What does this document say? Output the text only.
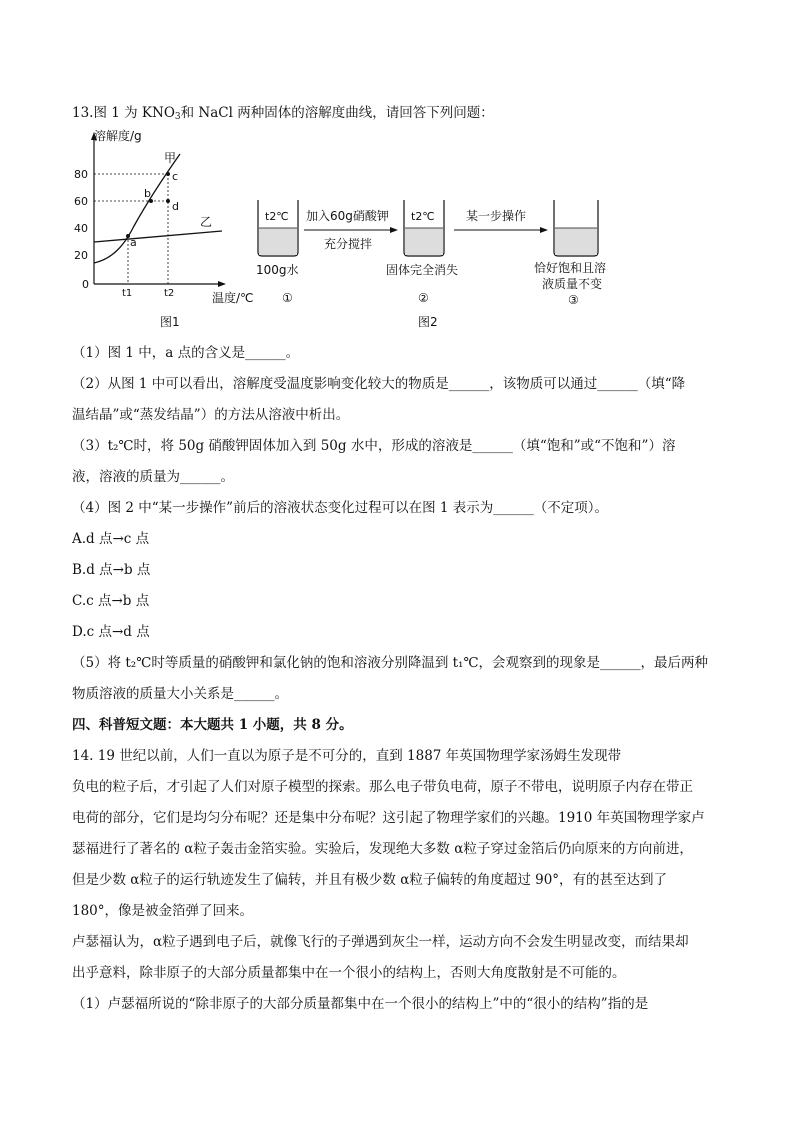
13.图 1 为 $KNO_3$和 NaCl 两种固体的溶解度曲线，请回答下列问题：
溶解度/g
温度/℃
80
60
40
20
0
甲
乙
a
b
c
d
t1	t2
图1
t2℃
100g水
①
加入60g硝酸钾
充分搅拌
t2℃
固体完全消失
②
图2
某一步操作
恰好饱和且溶
液质量不变
③
（1）图 1 中，a 点的含义是______。
（2）从图 1 中可以看出，溶解度受温度影响变化较大的物质是______，该物质可以通过______（填“降
温结晶”或“蒸发结晶”）的方法从溶液中析出。
（3）t₂℃时，将 50g 硝酸钾固体加入到 50g 水中，形成的溶液是______（填“饱和”或“不饱和”）溶
液，溶液的质量为______。
（4）图 2 中“某一步操作”前后的溶液状态变化过程可以在图 1 表示为______（不定项）。
A.d 点→c 点
B.d 点→b 点
C.c 点→b 点
D.c 点→d 点
（5）将 t₂℃时等质量的硝酸钾和氯化钠的饱和溶液分别降温到 t₁℃，会观察到的现象是______，最后两种
物质溶液的质量大小关系是______。
四、科普短文题：本大题共 1 小题，共 8 分。
14. 19 世纪以前，人们一直以为原子是不可分的，直到 1887 年英国物理学家汤姆生发现带
负电的粒子后，才引起了人们对原子模型的探索。那么电子带负电荷，原子不带电，说明原子内存在带正
电荷的部分，它们是均匀分布呢？还是集中分布呢？这引起了物理学家们的兴趣。1910 年英国物理学家卢
瑟福进行了著名的 α粒子轰击金箔实验。实验后，发现绝大多数 α粒子穿过金箔后仍向原来的方向前进，
但是少数 α粒子的运行轨迹发生了偏转，并且有极少数 α粒子偏转的角度超过 90°，有的甚至达到了
180°，像是被金箔弹了回来。
卢瑟福认为，α粒子遇到电子后，就像飞行的子弹遇到灰尘一样，运动方向不会发生明显改变，而结果却
出乎意料，除非原子的大部分质量都集中在一个很小的结构上，否则大角度散射是不可能的。
（1）卢瑟福所说的“除非原子的大部分质量都集中在一个很小的结构上”中的“很小的结构”指的是
